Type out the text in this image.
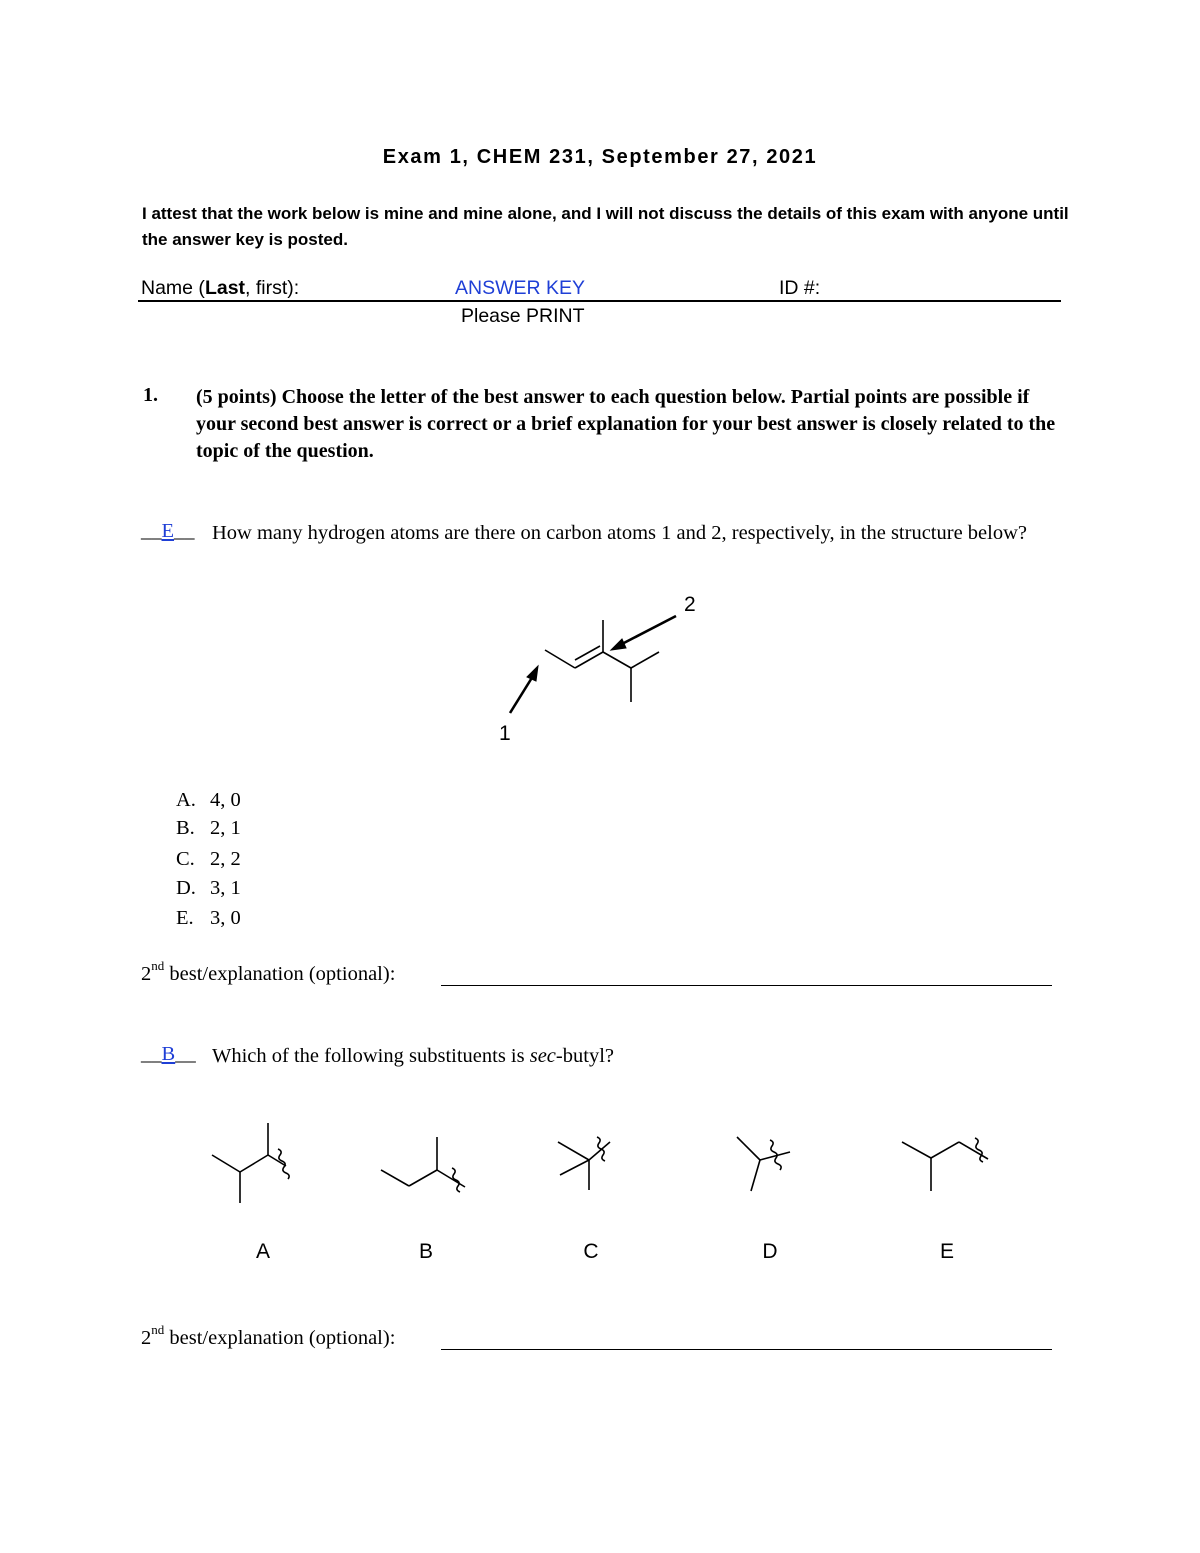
Exam 1, CHEM 231, September 27, 2021
I attest that the work below is mine and mine alone, and I will not discuss the details of this exam with anyone until the answer key is posted.
Name (Last, first):	ANSWER KEY	ID #:
Please PRINT
1. (5 points) Choose the letter of the best answer to each question below. Partial points are possible if your second best answer is correct or a brief explanation for your best answer is closely related to the topic of the question.
__E__ How many hydrogen atoms are there on carbon atoms 1 and 2, respectively, in the structure below?
2
1
A. 4, 0
B. 2, 1
C. 2, 2
D. 3, 1
E. 3, 0
2nd best/explanation (optional):
__B__ Which of the following substituents is sec-butyl?
A	B	C	D	E
2nd best/explanation (optional):
